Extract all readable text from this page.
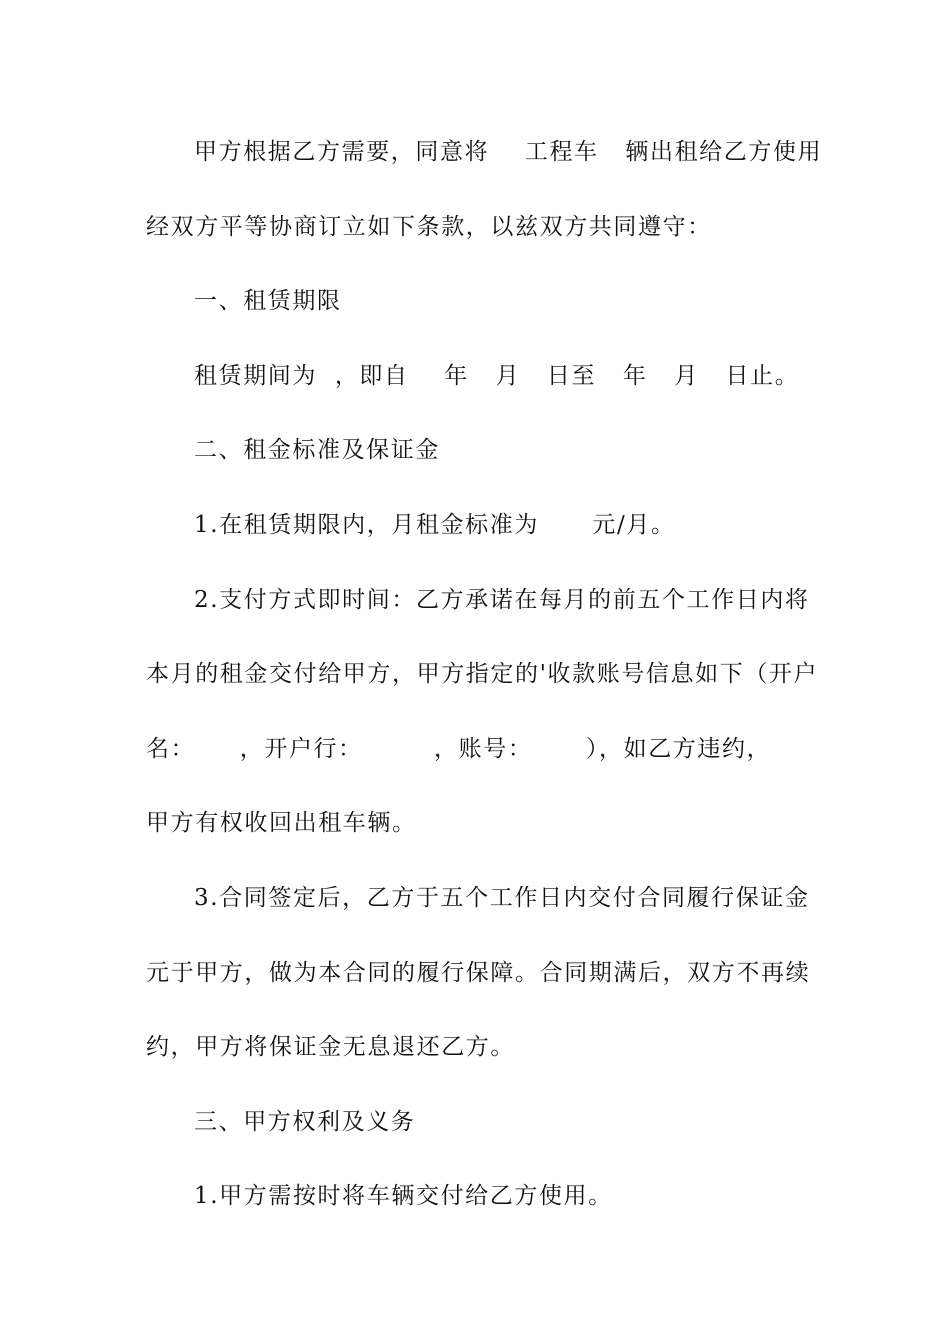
甲方根据乙方需要，同意将    工程车   辆出租给乙方使用
经双方平等协商订立如下条款，以兹双方共同遵守：
一、租赁期限
租赁期间为  ，即自    年   月   日至   年   月   日止。
二、租金标准及保证金
1.在租赁期限内，月租金标准为      元/月。
2.支付方式即时间：乙方承诺在每月的前五个工作日内将
本月的租金交付给甲方，甲方指定的'收款账号信息如下（开户
名：     ，开户行：        ，账号：      ），如乙方违约，
甲方有权收回出租车辆。
3.合同签定后，乙方于五个工作日内交付合同履行保证金
元于甲方，做为本合同的履行保障。合同期满后，双方不再续
约，甲方将保证金无息退还乙方。
三、甲方权利及义务
1.甲方需按时将车辆交付给乙方使用。
